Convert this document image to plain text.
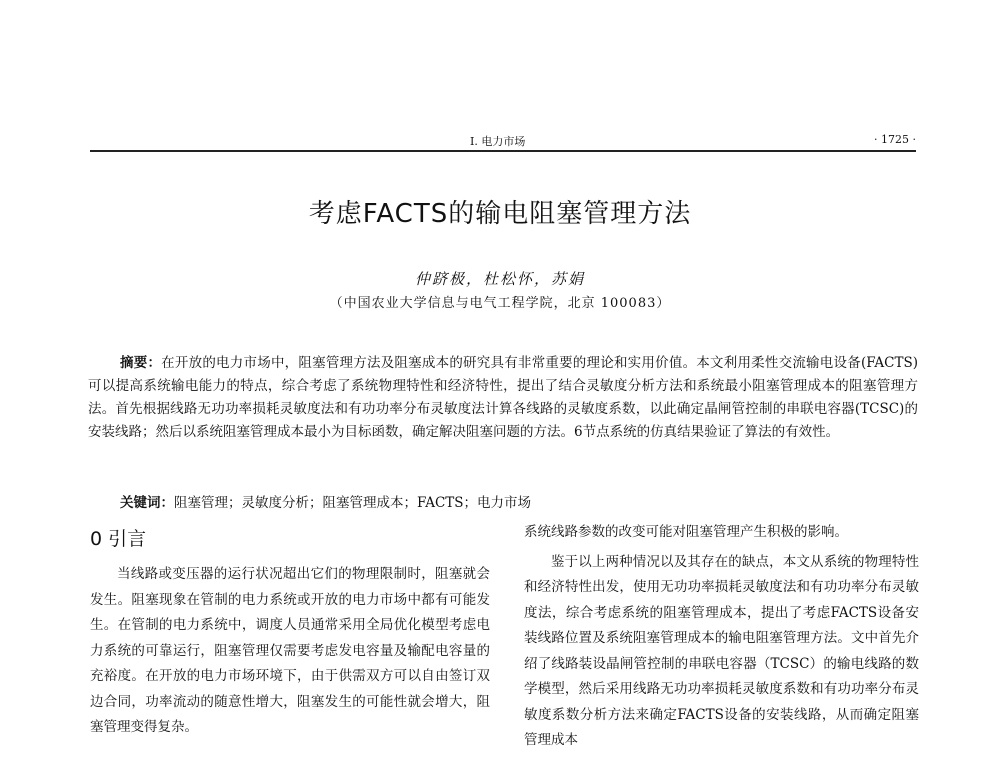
I. 电力市场	· 1725 ·
考虑FACTS的输电阻塞管理方法
仲跻极，杜松怀，苏娟
（中国农业大学信息与电气工程学院，北京 100083）
摘要：在开放的电力市场中，阻塞管理方法及阻塞成本的研究具有非常重要的理论和实用价值。本文利用柔性交流输电设备(FACTS)可以提高系统输电能力的特点，综合考虑了系统物理特性和经济特性，提出了结合灵敏度分析方法和系统最小阻塞管理成本的阻塞管理方法。首先根据线路无功功率损耗灵敏度法和有功功率分布灵敏度法计算各线路的灵敏度系数，以此确定晶闸管控制的串联电容器(TCSC)的安装线路；然后以系统阻塞管理成本最小为目标函数，确定解决阻塞问题的方法。6节点系统的仿真结果验证了算法的有效性。
关键词：阻塞管理；灵敏度分析；阻塞管理成本；FACTS；电力市场
0 引言

当线路或变压器的运行状况超出它们的物理限制时，阻塞就会发生。阻塞现象在管制的电力系统或开放的电力市场中都有可能发生。在管制的电力系统中，调度人员通常采用全局优化模型考虑电力系统的可靠运行，阻塞管理仅需要考虑发电容量及输配电容量的充裕度。在开放的电力市场环境下，由于供需双方可以自由签订双边合同，功率流动的随意性增大，阻塞发生的可能性就会增大，阻塞管理变得复杂。

系统线路参数的改变可能对阻塞管理产生积极的影响。

鉴于以上两种情况以及其存在的缺点，本文从系统的物理特性和经济特性出发，使用无功功率损耗灵敏度法和有功功率分布灵敏度法，综合考虑系统的阻塞管理成本，提出了考虑FACTS设备安装线路位置及系统阻塞管理成本的输电阻塞管理方法。文中首先介绍了线路装设晶闸管控制的串联电容器（TCSC）的输电线路的数学模型，然后采用线路无功功率损耗灵敏度系数和有功功率分布灵敏度系数分析方法来确定FACTS设备的安装线路，从而确定阻塞管理成本
